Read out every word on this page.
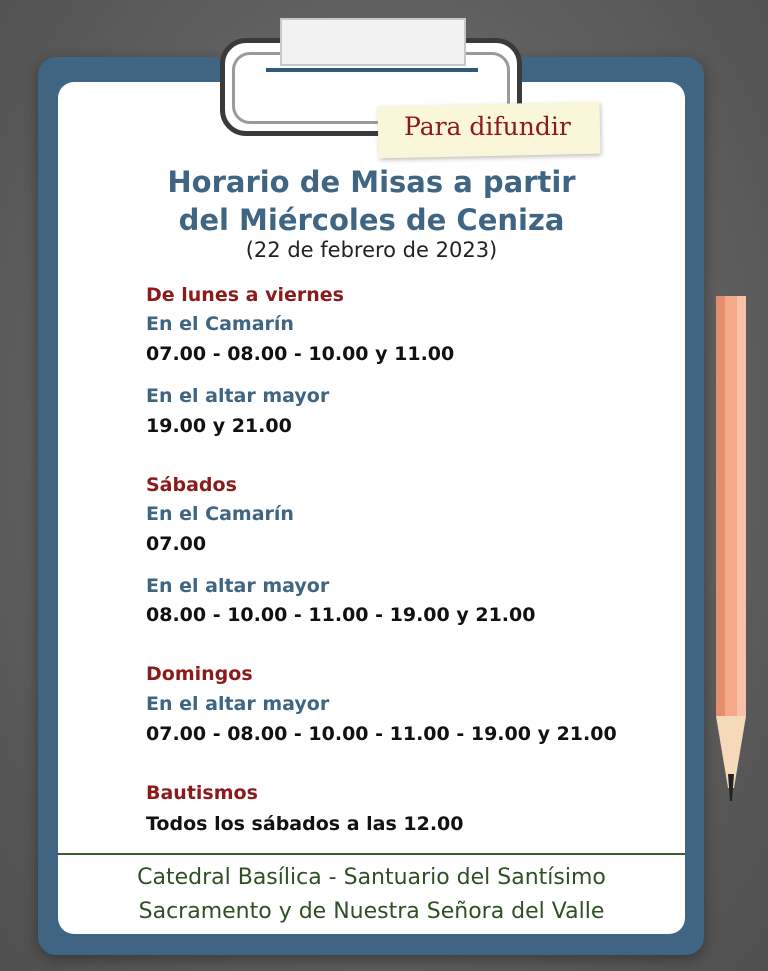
Para difundir
Horario de Misas a partir
del Miércoles de Ceniza
(22 de febrero de 2023)
De lunes a viernes
En el Camarín
07.00 - 08.00 - 10.00 y 11.00
En el altar mayor
19.00 y 21.00
Sábados
En el Camarín
07.00
En el altar mayor
08.00 - 10.00 - 11.00 - 19.00 y 21.00
Domingos
En el altar mayor
07.00 - 08.00 - 10.00 - 11.00 - 19.00 y 21.00
Bautismos
Todos los sábados a las 12.00
Catedral Basílica - Santuario del Santísimo
Sacramento y de Nuestra Señora del Valle
